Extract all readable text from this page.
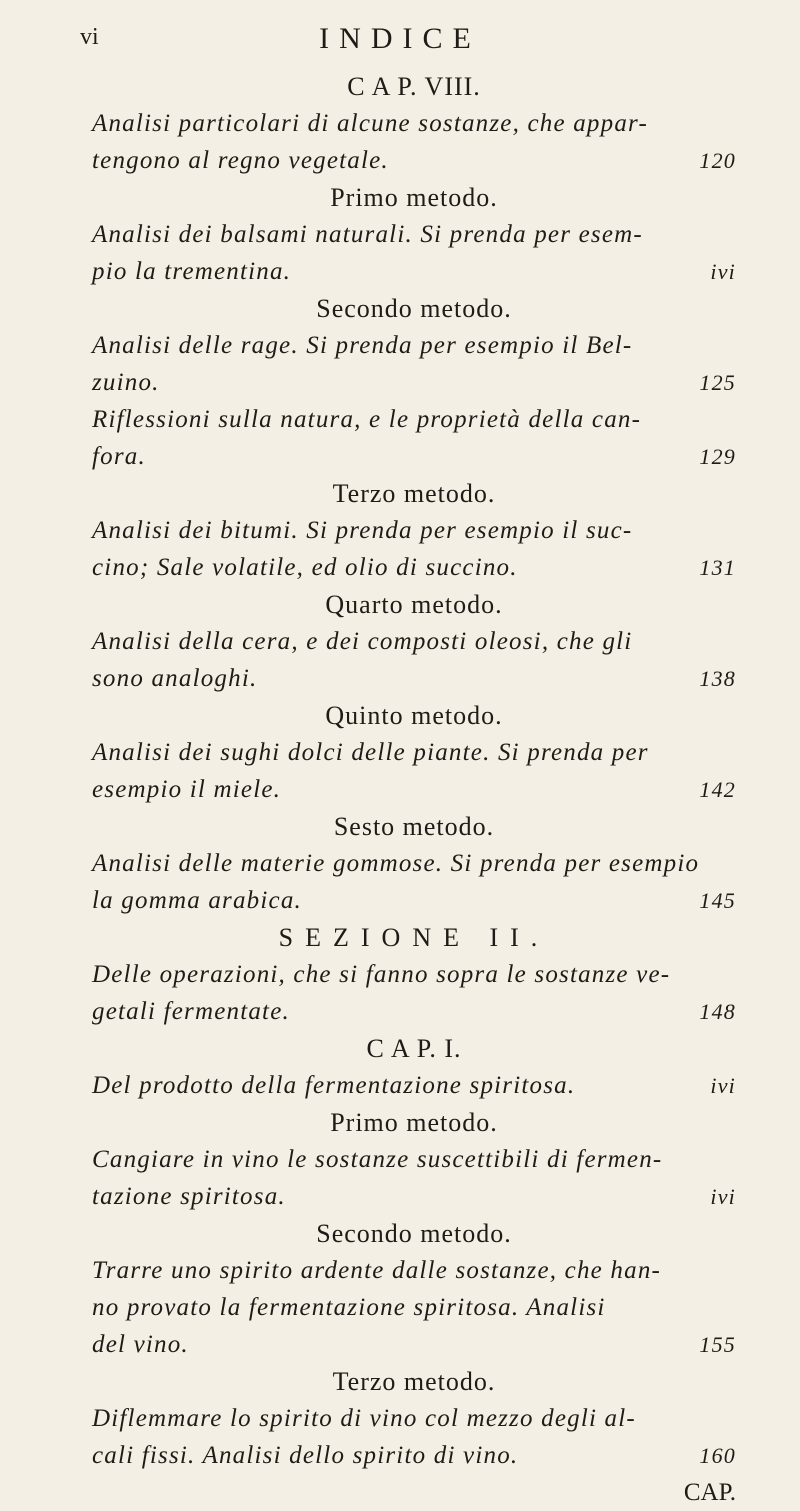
vi	INDICE
C A P. VIII.
Analisi particolari di alcune sostanze, che appar-
tengono al regno vegetale.	120
Primo metodo.
Analisi dei balsami naturali. Si prenda per esem-
pio la trementina.	ivi
Secondo metodo.
Analisi delle rage. Si prenda per esempio il Bel-
zuino.	125
Riflessioni sulla natura, e le proprietà della can-
fora.	129
Terzo metodo.
Analisi dei bitumi. Si prenda per esempio il suc-
cino; Sale volatile, ed olio di succino.	131
Quarto metodo.
Analisi della cera, e dei composti oleosi, che gli
sono analoghi.	138
Quinto metodo.
Analisi dei sughi dolci delle piante. Si prenda per
esempio il miele.	142
Sesto metodo.
Analisi delle materie gommose. Si prenda per esempio
la gomma arabica.	145
SEZIONE II.
Delle operazioni, che si fanno sopra le sostanze ve-
getali fermentate.	148
C A P. I.
Del prodotto della fermentazione spiritosa.	ivi
Primo metodo.
Cangiare in vino le sostanze suscettibili di fermen-
tazione spiritosa.	ivi
Secondo metodo.
Trarre uno spirito ardente dalle sostanze, che han-
no provato la fermentazione spiritosa. Analisi
del vino.	155
Terzo metodo.
Diflemmare lo spirito di vino col mezzo degli al-
cali fissi. Analisi dello spirito di vino.	160
CAP.
